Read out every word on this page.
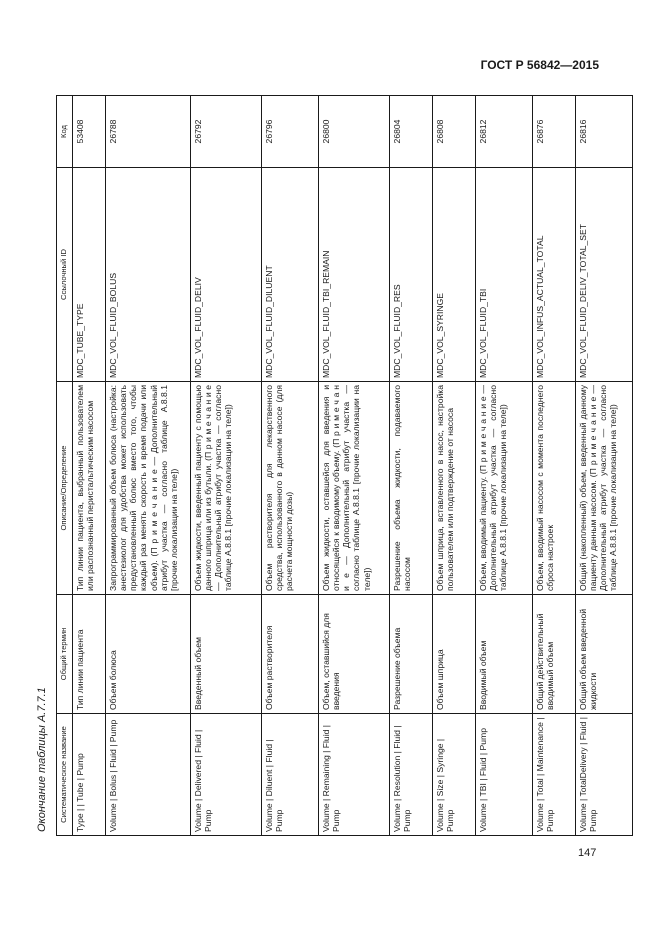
ГОСТ Р 56842—2015
Окончание таблицы А.7.7.1 Систематическое название	Общий термин	Описание/Определение	Ссылочный ID	Код
Type | | Tube | Pump	Тип линии пациента	Тип линии пациента, выбранный пользователем или распознанный перистальтическим насосом	MDC_TUBE_TYPE	53408
Volume | Bolus | Fluid | Pump	Объем болюса	Запрограммированный объем болюса (настройка: анестезиолог для удобства может использовать предустановленный болюс вместо того, чтобы каждый раз менять скорость и время подачи или объем). (П р и м е ч а н и е — Дополнительный атрибут участка — согласно таблице А.8.8.1 [прочие локализации на теле])	MDC_VOL_FLUID_BOLUS	26788
Volume | Delivered | Fluid | Pump	Введенный объем	Объем жидкости, введенный пациенту с помощью данного шприца или из бутыли. (П р и м е ч а н и е — Дополнительный атрибут участка — согласно таблице А.8.8.1 [прочие локализации на теле])	MDC_VOL_FLUID_DELIV	26792
Volume | Diluent | Fluid | Pump	Объем растворителя	Объем растворителя для лекарственного средства, использованного в данном насосе (для расчета мощности дозы)	MDC_VOL_FLUID_DILUENT	26796
Volume | Remaining | Fluid | Pump	Объем, оставшийся для введения	Объем жидкости, оставшейся для введения и относящейся к вводимому объему. (П р и м е ч а н и е — Дополнительный атрибут участка — согласно таблице А.8.8.1 [прочие локализации на теле])	MDC_VOL_FLUID_TBI_REMAIN	26800
Volume | Resolution | Fluid | Pump	Разрешение объема	Разрешение объема жидкости, подаваемого насосом	MDC_VOL_FLUID_RES	26804
Volume | Size | Syringe | Pump	Объем шприца	Объем шприца, вставленного в насос, настройка пользователем или подтверждение от насоса	MDC_VOL_SYRINGE	26808
Volume | TBI | Fluid | Pump	Вводимый объем	Объем, вводимый пациенту. (П р и м е ч а н и е — Дополнительный атрибут участка — согласно таблице А.8.8.1 [прочие локализации на теле])	MDC_VOL_FLUID_TBI	26812
Volume | Total | Maintenance | Pump	Общий действительный вводимый объем	Объем, вводимый насосом с момента последнего сброса настроек	MDC_VOL_INFUS_ACTUAL_TOTAL	26876
Volume | TotalDelivery | Fluid | Pump	Общий объем введенной жидкости	Общий (накопленный) объем, введенный данному пациенту данным насосом. (П р и м е ч а н и е — Дополнительный атрибут участка — согласно таблице А.8.8.1 [прочие локализации на теле])	MDC_VOL_FLUID_DELIV_TOTAL_SET	26816
147
